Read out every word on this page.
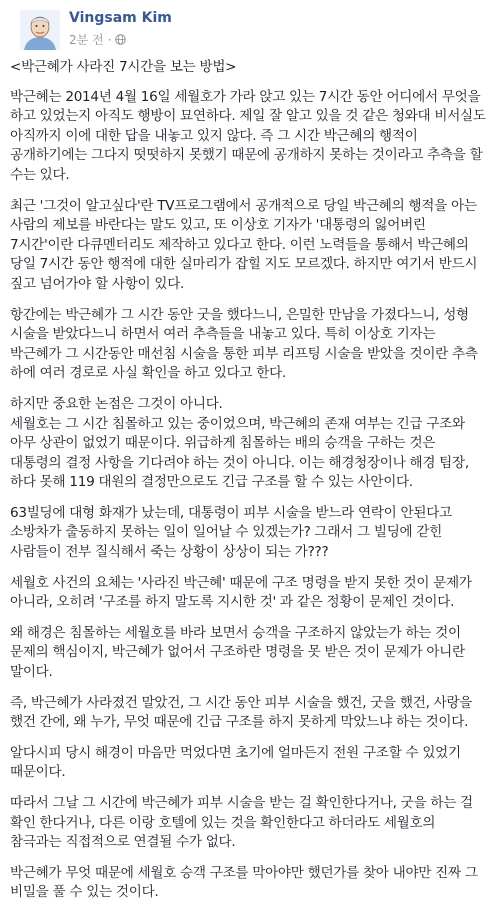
Vingsam Kim
2분 전 ·
<박근혜가 사라진 7시간을 보는 방법>
박근혜는 2014년 4월 16일 세월호가 가라 앉고 있는 7시간 동안 어디에서 무엇을 하고 있었는지 아직도 행방이 묘연하다. 제일 잘 알고 있을 것 같은 청와대 비서실도 아직까지 이에 대한 답을 내놓고 있지 않다. 즉 그 시간 박근혜의 행적이 공개하기에는 그다지 떳떳하지 못했기 때문에 공개하지 못하는 것이라고 추측을 할 수는 있다.
최근 '그것이 알고싶다'란 TV프로그램에서 공개적으로 당일 박근혜의 행적을 아는 사람의 제보를 바란다는 말도 있고, 또 이상호 기자가 '대통령의 잃어버린 7시간'이란 다큐멘터리도 제작하고 있다고 한다. 이런 노력들을 통해서 박근혜의 당일 7시간 동안 행적에 대한 실마리가 잡힐 지도 모르겠다. 하지만 여기서 반드시 짚고 넘어가야 할 사항이 있다.
항간에는 박근혜가 그 시간 동안 굿을 했다느니, 은밀한 만남을 가졌다느니, 성형 시술을 받았다느니 하면서 여러 추측들을 내놓고 있다. 특히 이상호 기자는 박근혜가 그 시간동안 매선침 시술을 통한 피부 리프팅 시술을 받았을 것이란 추측 하에 여러 경로로 사실 확인을 하고 있다고 한다.
하지만 중요한 논점은 그것이 아니다.
세월호는 그 시간 침몰하고 있는 중이었으며, 박근혜의 존재 여부는 긴급 구조와 아무 상관이 없었기 때문이다. 위급하게 침몰하는 배의 승객을 구하는 것은 대통령의 결정 사항을 기다려야 하는 것이 아니다. 이는 해경청장이나 해경 팀장, 하다 못해 119 대원의 결정만으로도 긴급 구조를 할 수 있는 사안이다.
63빌딩에 대형 화재가 났는데, 대통령이 피부 시술을 받느라 연락이 안된다고 소방차가 출동하지 못하는 일이 일어날 수 있겠는가? 그래서 그 빌딩에 갇힌 사람들이 전부 질식해서 죽는 상황이 상상이 되는 가???
세월호 사건의 요체는 '사라진 박근혜' 때문에 구조 명령을 받지 못한 것이 문제가 아니라, 오히려 '구조를 하지 말도록 지시한 것' 과 같은 정황이 문제인 것이다.
왜 해경은 침몰하는 세월호를 바라 보면서 승객을 구조하지 않았는가 하는 것이 문제의 핵심이지, 박근혜가 없어서 구조하란 명령을 못 받은 것이 문제가 아니란 말이다.
즉, 박근혜가 사라졌건 말았건, 그 시간 동안 피부 시술을 했건, 굿을 했건, 사랑을 했건 간에, 왜 누가, 무엇 때문에 긴급 구조를 하지 못하게 막았느냐 하는 것이다.
알다시피 당시 해경이 마음만 먹었다면 초기에 얼마든지 전원 구조할 수 있었기 때문이다.
따라서 그날 그 시간에 박근혜가 피부 시술을 받는 걸 확인한다거나, 굿을 하는 걸 확인 한다거나, 다른 이랑 호텔에 있는 것을 확인한다고 하더라도 세월호의 참극과는 직접적으로 연결될 수가 없다.
박근혜가 무엇 때문에 세월호 승객 구조를 막아야만 했던가를 찾아 내야만 진짜 그 비밀을 풀 수 있는 것이다.
